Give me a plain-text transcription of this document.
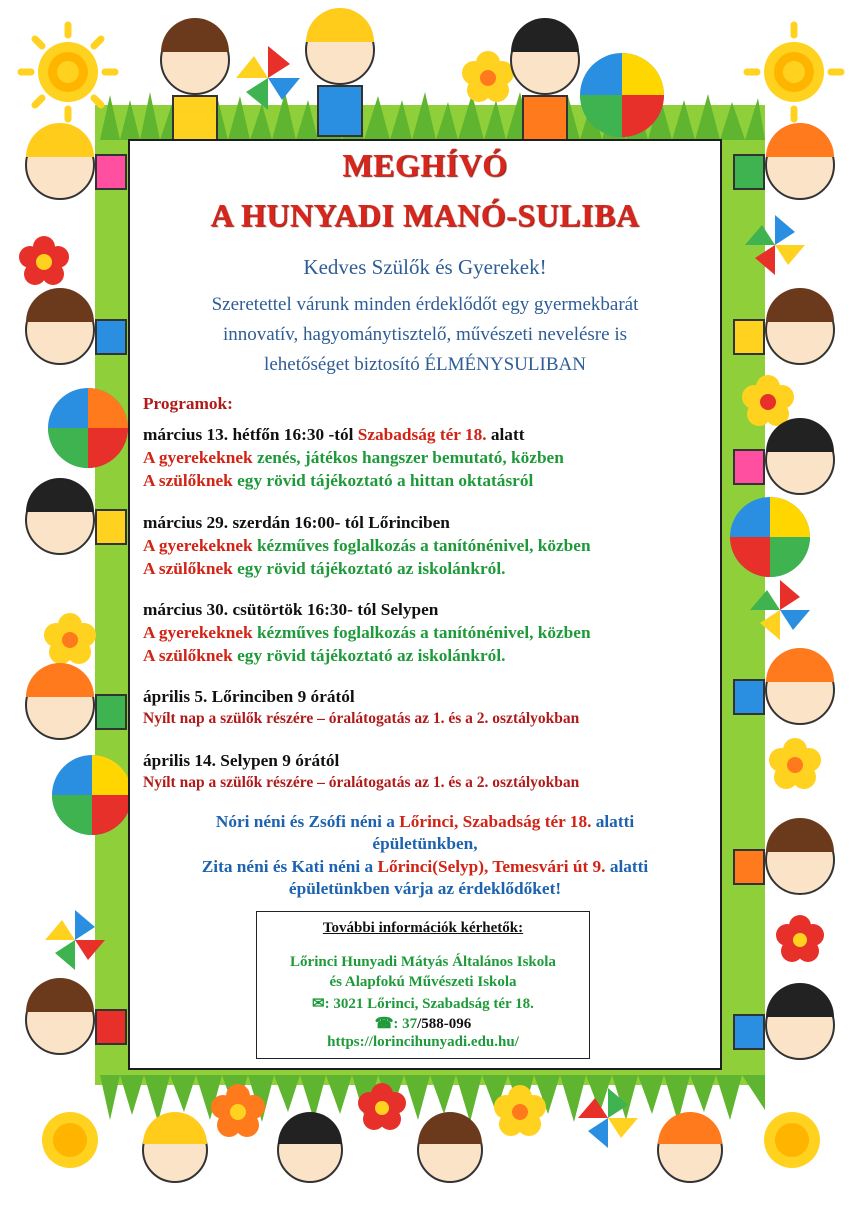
MEGHÍVÓ
A HUNYADI MANÓ-SULIBA
Kedves Szülők és Gyerekek!
Szeretettel várunk minden érdeklődőt egy gyermekbarát
innovatív, hagyománytisztelő, művészeti nevelésre is
lehetőséget biztosító ÉLMÉNYSULIBAN
Programok:
március 13. hétfőn 16:30 -tól Szabadság tér 18. alatt
A gyerekeknek zenés, játékos hangszer bemutató, közben
A szülőknek egy rövid tájékoztató a hittan oktatásról
március 29. szerdán 16:00- tól Lőrinciben
A gyerekeknek kézműves foglalkozás a tanítónénivel, közben
A szülőknek egy rövid tájékoztató az iskolánkról.
március 30. csütörtök 16:30- tól Selypen
A gyerekeknek kézműves foglalkozás a tanítónénivel, közben
A szülőknek egy rövid tájékoztató az iskolánkról.
április 5. Lőrinciben 9 órától
Nyílt nap a szülők részére – óralátogatás az 1. és a 2. osztályokban
április 14. Selypen 9 órától
Nyílt nap a szülők részére – óralátogatás az 1. és a 2. osztályokban
Nóri néni és Zsófi néni a Lőrinci, Szabadság tér 18. alatti
épületünkben,
Zita néni és Kati néni a Lőrinci(Selyp), Temesvári út 9. alatti
épületünkben várja az érdeklődőket!
További információk kérhetők:
Lőrinci Hunyadi Mátyás Általános Iskola
és Alapfokú Művészeti Iskola
✉: 3021 Lőrinci, Szabadság tér 18.
☎: 37/588-096
https://lorincihunyadi.edu.hu/
